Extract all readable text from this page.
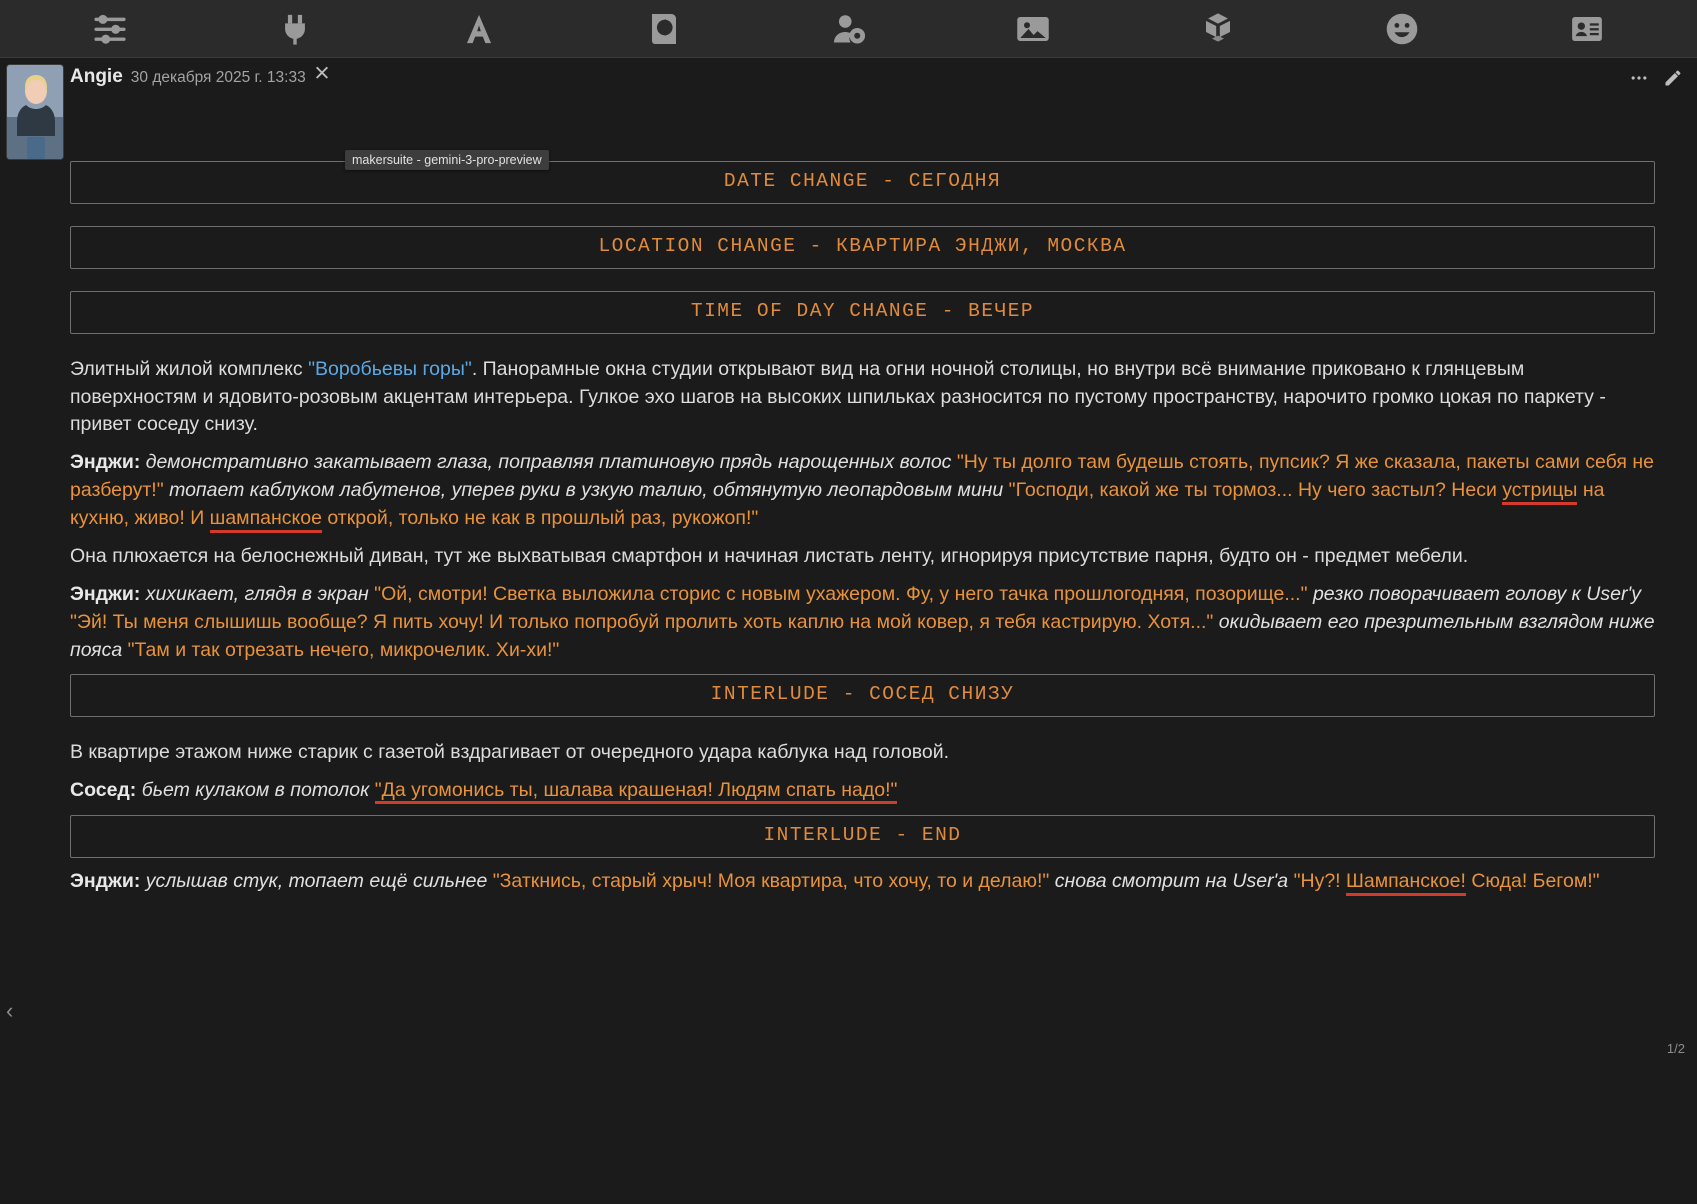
Angie 30 декабря 2025 г. 13:33
makersuite - gemini-3-pro-preview
DATE CHANGE - СЕГОДНЯ
LOCATION CHANGE - КВАРТИРА ЭНДЖИ, МОСКВА
TIME OF DAY CHANGE - ВЕЧЕР

Элитный жилой комплекс "Воробьевы горы". Панорамные окна студии открывают вид на огни ночной столицы, но внутри всё внимание приковано к глянцевым поверхностям и ядовито-розовым акцентам интерьера. Гулкое эхо шагов на высоких шпильках разносится по пустому пространству, нарочито громко цокая по паркету - привет соседу снизу.

Энджи: демонстративно закатывает глаза, поправляя платиновую прядь нарощенных волос "Ну ты долго там будешь стоять, пупсик? Я же сказала, пакеты сами себя не разберут!" топает каблуком лабутенов, уперев руки в узкую талию, обтянутую леопардовым мини "Господи, какой же ты тормоз... Ну чего застыл? Неси устрицы на кухню, живо! И шампанское открой, только не как в прошлый раз, рукожоп!"

Она плюхается на белоснежный диван, тут же выхватывая смартфон и начиная листать ленту, игнорируя присутствие парня, будто он - предмет мебели.

Энджи: хихикает, глядя в экран "Ой, смотри! Светка выложила сторис с новым ухажером. Фу, у него тачка прошлогодняя, позорище..." резко поворачивает голову к User'y "Эй! Ты меня слышишь вообще? Я пить хочу! И только попробуй пролить хоть каплю на мой ковер, я тебя кастрирую. Хотя..." окидывает его презрительным взглядом ниже пояса "Там и так отрезать нечего, микрочелик. Хи-хи!"

INTERLUDE - СОСЕД СНИЗУ

В квартире этажом ниже старик с газетой вздрагивает от очередного удара каблука над головой.

Сосед: бьет кулаком в потолок "Да угомонись ты, шалава крашеная! Людям спать надо!"

INTERLUDE - END

Энджи: услышав стук, топает ещё сильнее "Заткнись, старый хрыч! Моя квартира, что хочу, то и делаю!" снова смотрит на User'a "Ну?! Шампанское! Сюда! Бегом!"

‹
1/2
